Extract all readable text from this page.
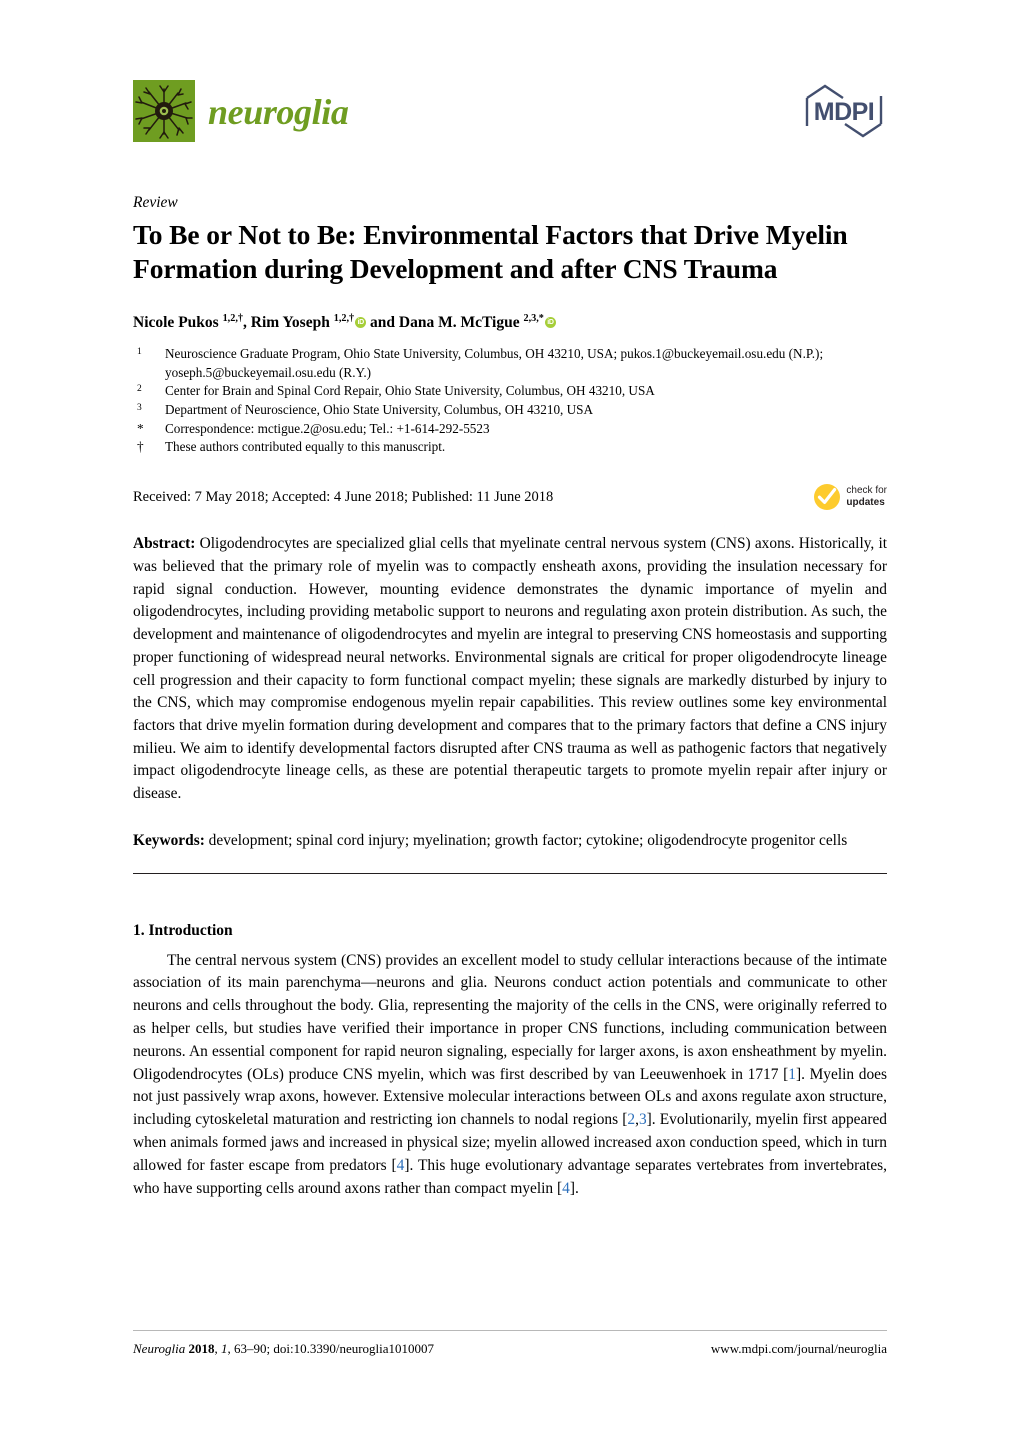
neuroglia	MDPI
Review
To Be or Not to Be: Environmental Factors that Drive Myelin Formation during Development and after CNS Trauma
Nicole Pukos $^{1,2,\dagger}$, Rim Yoseph $^{1,2,\dagger}$ iD and Dana M. McTigue $^{2,3,*}$ iD
1	Neuroscience Graduate Program, Ohio State University, Columbus, OH 43210, USA; pukos.1@buckeyemail.osu.edu (N.P.); yoseph.5@buckeyemail.osu.edu (R.Y.)
2	Center for Brain and Spinal Cord Repair, Ohio State University, Columbus, OH 43210, USA
3	Department of Neuroscience, Ohio State University, Columbus, OH 43210, USA
*	Correspondence: mctigue.2@osu.edu; Tel.: +1-614-292-5523
†	These authors contributed equally to this manuscript.
Received: 7 May 2018; Accepted: 4 June 2018; Published: 11 June 2018	check for
updates

Abstract: Oligodendrocytes are specialized glial cells that myelinate central nervous system (CNS) axons. Historically, it was believed that the primary role of myelin was to compactly ensheath axons, providing the insulation necessary for rapid signal conduction. However, mounting evidence demonstrates the dynamic importance of myelin and oligodendrocytes, including providing metabolic support to neurons and regulating axon protein distribution. As such, the development and maintenance of oligodendrocytes and myelin are integral to preserving CNS homeostasis and supporting proper functioning of widespread neural networks. Environmental signals are critical for proper oligodendrocyte lineage cell progression and their capacity to form functional compact myelin; these signals are markedly disturbed by injury to the CNS, which may compromise endogenous myelin repair capabilities. This review outlines some key environmental factors that drive myelin formation during development and compares that to the primary factors that define a CNS injury milieu. We aim to identify developmental factors disrupted after CNS trauma as well as pathogenic factors that negatively impact oligodendrocyte lineage cells, as these are potential therapeutic targets to promote myelin repair after injury or disease.

Keywords: development; spinal cord injury; myelination; growth factor; cytokine; oligodendrocyte progenitor cells

1. Introduction

The central nervous system (CNS) provides an excellent model to study cellular interactions because of the intimate association of its main parenchyma—neurons and glia. Neurons conduct action potentials and communicate to other neurons and cells throughout the body. Glia, representing the majority of the cells in the CNS, were originally referred to as helper cells, but studies have verified their importance in proper CNS functions, including communication between neurons. An essential component for rapid neuron signaling, especially for larger axons, is axon ensheathment by myelin. Oligodendrocytes (OLs) produce CNS myelin, which was first described by van Leeuwenhoek in 1717 [1]. Myelin does not just passively wrap axons, however. Extensive molecular interactions between OLs and axons regulate axon structure, including cytoskeletal maturation and restricting ion channels to nodal regions [2,3]. Evolutionarily, myelin first appeared when animals formed jaws and increased in physical size; myelin allowed increased axon conduction speed, which in turn allowed for faster escape from predators [4]. This huge evolutionary advantage separates vertebrates from invertebrates, who have supporting cells around axons rather than compact myelin [4].

Neuroglia 2018, 1, 63–90; doi:10.3390/neuroglia1010007	www.mdpi.com/journal/neuroglia
